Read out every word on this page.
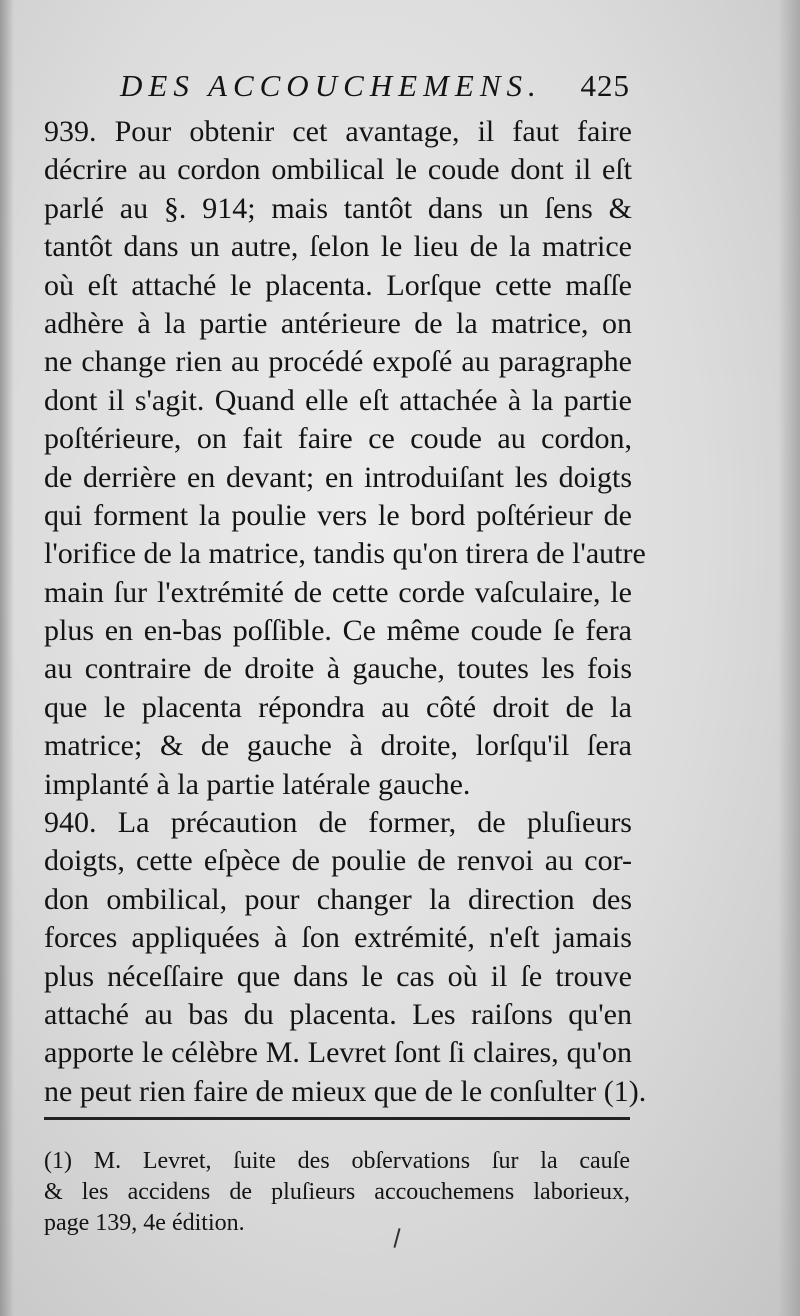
DES ACCOUCHEMENS. 425
939. Pour obtenir cet avantage, il faut faire
décrire au cordon ombilical le coude dont il eſt
parlé au §. 914; mais tantôt dans un ſens &
tantôt dans un autre, ſelon le lieu de la matrice
où eſt attaché le placenta. Lorſque cette maſſe
adhère à la partie antérieure de la matrice, on
ne change rien au procédé expoſé au paragraphe
dont il s'agit. Quand elle eſt attachée à la partie
poſtérieure, on fait faire ce coude au cordon,
de derrière en devant; en introduiſant les doigts
qui forment la poulie vers le bord poſtérieur de
l'orifice de la matrice, tandis qu'on tirera de l'autre
main ſur l'extrémité de cette corde vaſculaire, le
plus en en-bas poſſible. Ce même coude ſe fera
au contraire de droite à gauche, toutes les fois
que le placenta répondra au côté droit de la
matrice; & de gauche à droite, lorſqu'il ſera
implanté à la partie latérale gauche.
940. La précaution de former, de pluſieurs
doigts, cette eſpèce de poulie de renvoi au cor-
don ombilical, pour changer la direction des
forces appliquées à ſon extrémité, n'eſt jamais
plus néceſſaire que dans le cas où il ſe trouve
attaché au bas du placenta. Les raiſons qu'en
apporte le célèbre M. Levret ſont ſi claires, qu'on
ne peut rien faire de mieux que de le conſulter (1).
(1) M. Levret, ſuite des obſervations ſur la cauſe
& les accidens de pluſieurs accouchemens laborieux,
page 139, 4e édition.
